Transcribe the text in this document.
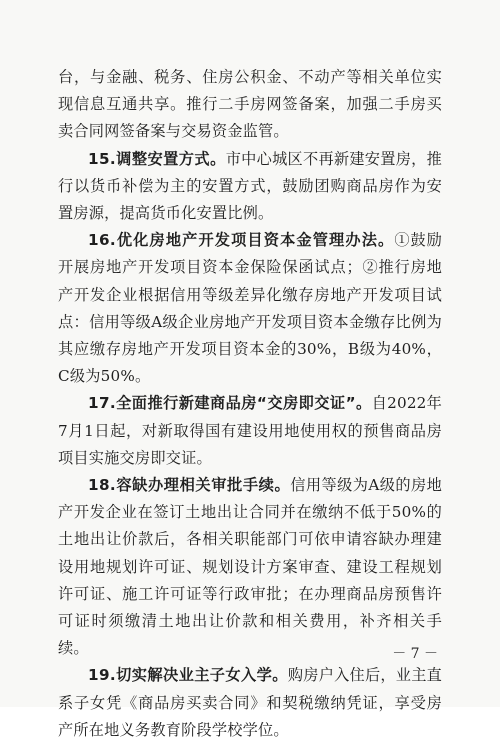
台，与金融、税务、住房公积金、不动产等相关单位实现信息互通共享。推行二手房网签备案，加强二手房买卖合同网签备案与交易资金监管。

15.调整安置方式。市中心城区不再新建安置房，推行以货币补偿为主的安置方式，鼓励团购商品房作为安置房源，提高货币化安置比例。

16.优化房地产开发项目资本金管理办法。①鼓励开展房地产开发项目资本金保险保函试点；②推行房地产开发企业根据信用等级差异化缴存房地产开发项目试点：信用等级A级企业房地产开发项目资本金缴存比例为其应缴存房地产开发项目资本金的30%，B级为40%，C级为50%。

17.全面推行新建商品房“交房即交证”。自2022年7月1日起，对新取得国有建设用地使用权的预售商品房项目实施交房即交证。

18.容缺办理相关审批手续。信用等级为A级的房地产开发企业在签订土地出让合同并在缴纳不低于50%的土地出让价款后，各相关职能部门可依申请容缺办理建设用地规划许可证、规划设计方案审查、建设工程规划许可证、施工许可证等行政审批；在办理商品房预售许可证时须缴清土地出让价款和相关费用，补齐相关手续。

19.切实解决业主子女入学。购房户入住后，业主直系子女凭《商品房买卖合同》和契税缴纳凭证，享受房产所在地义务教育阶段学校学位。

－ 7 －
